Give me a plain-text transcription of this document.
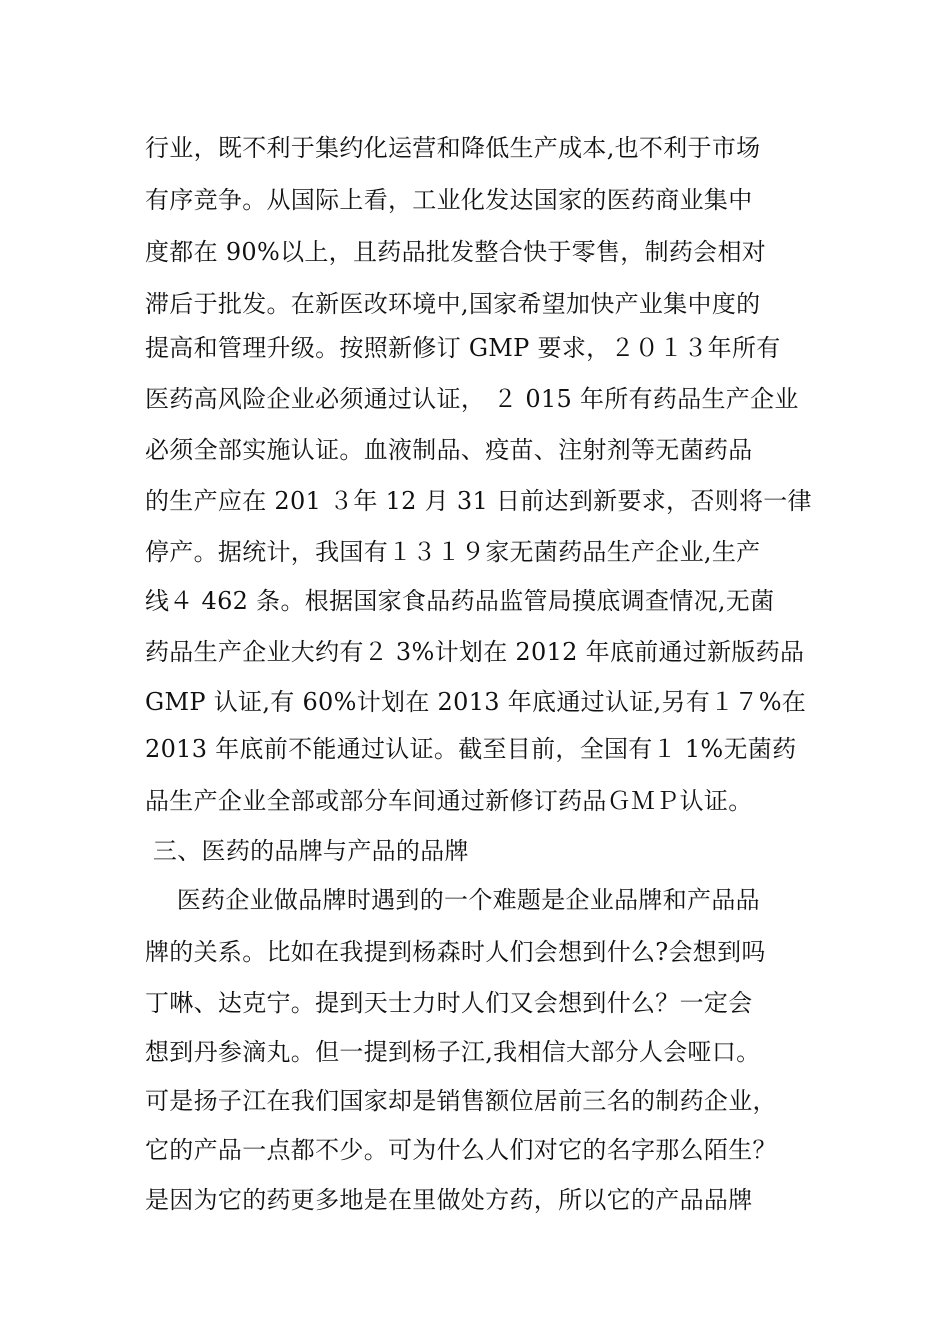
行业，既不利于集约化运营和降低生产成本,也不利于市场
有序竞争。从国际上看，工业化发达国家的医药商业集中
度都在 90%以上，且药品批发整合快于零售，制药会相对
滞后于批发。在新医改环境中,国家希望加快产业集中度的
提高和管理升级。按照新修订 GMP 要求，２０１３年所有
医药高风险企业必须通过认证， ２ 015 年所有药品生产企业
必须全部实施认证。血液制品、疫苗、注射剂等无菌药品
的生产应在 201 ３年 12 月 31 日前达到新要求，否则将一律
停产。据统计，我国有１３１９家无菌药品生产企业,生产
线４ 462 条。根据国家食品药品监管局摸底调查情况,无菌
药品生产企业大约有２ 3%计划在 2012 年底前通过新版药品
GMP 认证,有 60%计划在 2013 年底通过认证,另有１７%在
2013 年底前不能通过认证。截至目前，全国有１ 1%无菌药
品生产企业全部或部分车间通过新修订药品ＧＭＰ认证。
三、医药的品牌与产品的品牌
医药企业做品牌时遇到的一个难题是企业品牌和产品品
牌的关系。比如在我提到杨森时人们会想到什么?会想到吗
丁啉、达克宁。提到天士力时人们又会想到什么？一定会
想到丹参滴丸。但一提到杨子江,我相信大部分人会哑口。
可是扬子江在我们国家却是销售额位居前三名的制药企业，
它的产品一点都不少。可为什么人们对它的名字那么陌生？
是因为它的药更多地是在里做处方药，所以它的产品品牌
